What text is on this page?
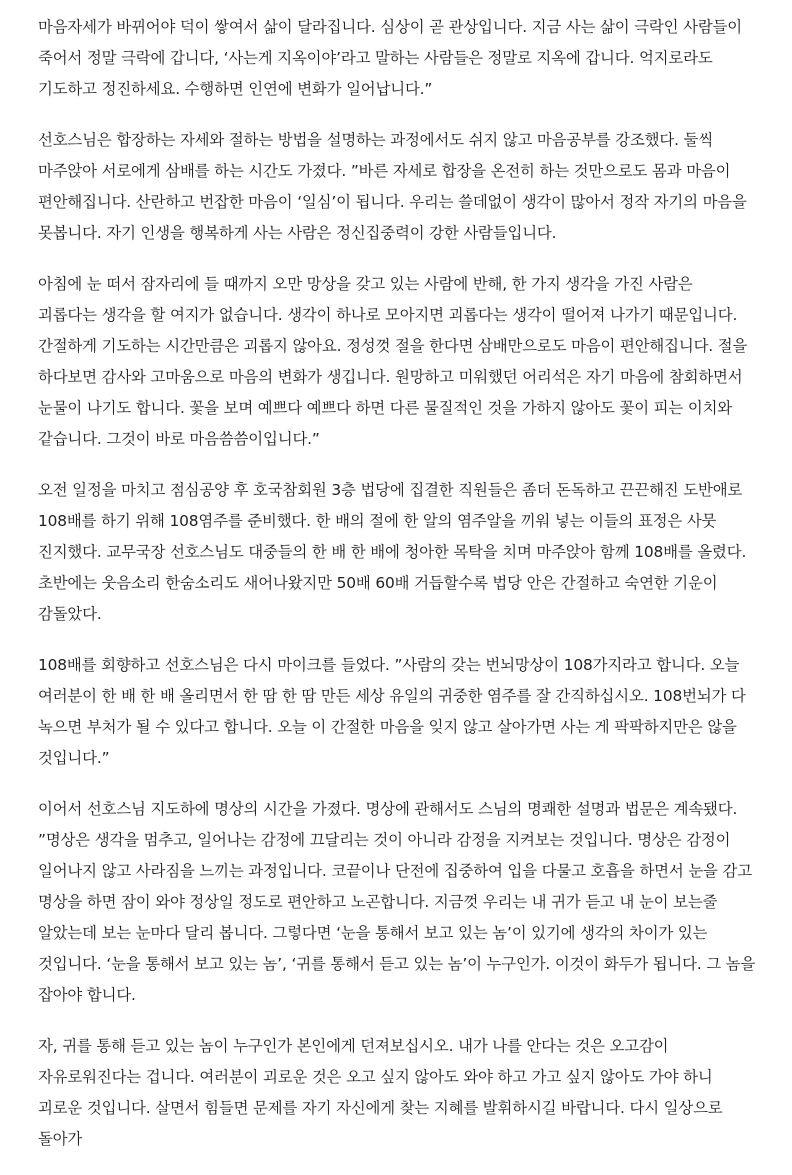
마음자세가 바뀌어야 덕이 쌓여서 삶이 달라집니다. 심상이 곧 관상입니다. 지금 사는 삶이 극락인 사람들이 죽어서 정말 극락에 갑니다, ‘사는게 지옥이야’라고 말하는 사람들은 정말로 지옥에 갑니다. 억지로라도 기도하고 정진하세요. 수행하면 인연에 변화가 일어납니다.”

선호스님은 합장하는 자세와 절하는 방법을 설명하는 과정에서도 쉬지 않고 마음공부를 강조했다. 둘씩 마주앉아 서로에게 삼배를 하는 시간도 가졌다. ”바른 자세로 합장을 온전히 하는 것만으로도 몸과 마음이 편안해집니다. 산란하고 번잡한 마음이 ‘일심’이 됩니다. 우리는 쓸데없이 생각이 많아서 정작 자기의 마음을 못봅니다. 자기 인생을 행복하게 사는 사람은 정신집중력이 강한 사람들입니다.

아침에 눈 떠서 잠자리에 들 때까지 오만 망상을 갖고 있는 사람에 반해, 한 가지 생각을 가진 사람은 괴롭다는 생각을 할 여지가 없습니다. 생각이 하나로 모아지면 괴롭다는 생각이 떨어져 나가기 때문입니다. 간절하게 기도하는 시간만큼은 괴롭지 않아요. 정성껏 절을 한다면 삼배만으로도 마음이 편안해집니다. 절을 하다보면 감사와 고마움으로 마음의 변화가 생깁니다. 원망하고 미워했던 어리석은 자기 마음에 참회하면서 눈물이 나기도 합니다. 꽃을 보며 예쁘다 예쁘다 하면 다른 물질적인 것을 가하지 않아도 꽃이 피는 이치와 같습니다. 그것이 바로 마음씀씀이입니다.”

오전 일정을 마치고 점심공양 후 호국참회원 3층 법당에 집결한 직원들은 좀더 돈독하고 끈끈해진 도반애로 108배를 하기 위해 108염주를 준비했다. 한 배의 절에 한 알의 염주알을 끼워 넣는 이들의 표정은 사뭇 진지했다. 교무국장 선호스님도 대중들의 한 배 한 배에 청아한 목탁을 치며 마주앉아 함께 108배를 올렸다. 초반에는 웃음소리 한숨소리도 새어나왔지만 50배 60배 거듭할수록 법당 안은 간절하고 숙연한 기운이 감돌았다.

108배를 회향하고 선호스님은 다시 마이크를 들었다. ”사람의 갖는 번뇌망상이 108가지라고 합니다. 오늘 여러분이 한 배 한 배 올리면서 한 땀 한 땀 만든 세상 유일의 귀중한 염주를 잘 간직하십시오. 108번뇌가 다 녹으면 부처가 될 수 있다고 합니다. 오늘 이 간절한 마음을 잊지 않고 살아가면 사는 게 팍팍하지만은 않을 것입니다.”

이어서 선호스님 지도하에 명상의 시간을 가졌다. 명상에 관해서도 스님의 명쾌한 설명과 법문은 계속됐다. ”명상은 생각을 멈추고, 일어나는 감정에 끄달리는 것이 아니라 감정을 지켜보는 것입니다. 명상은 감정이 일어나지 않고 사라짐을 느끼는 과정입니다. 코끝이나 단전에 집중하여 입을 다물고 호흡을 하면서 눈을 감고 명상을 하면 잠이 와야 정상일 정도로 편안하고 노곤합니다. 지금껏 우리는 내 귀가 듣고 내 눈이 보는줄 알았는데 보는 눈마다 달리 봅니다. 그렇다면 ‘눈을 통해서 보고 있는 놈’이 있기에 생각의 차이가 있는 것입니다. ‘눈을 통해서 보고 있는 놈’, ‘귀를 통해서 듣고 있는 놈’이 누구인가. 이것이 화두가 됩니다. 그 놈을 잡아야 합니다.

자, 귀를 통해 듣고 있는 놈이 누구인가 본인에게 던져보십시오. 내가 나를 안다는 것은 오고감이 자유로워진다는 겁니다. 여러분이 괴로운 것은 오고 싶지 않아도 와야 하고 가고 싶지 않아도 가야 하니 괴로운 것입니다. 살면서 힘들면 문제를 자기 자신에게 찾는 지혜를 발휘하시길 바랍니다. 다시 일상으로 돌아가
